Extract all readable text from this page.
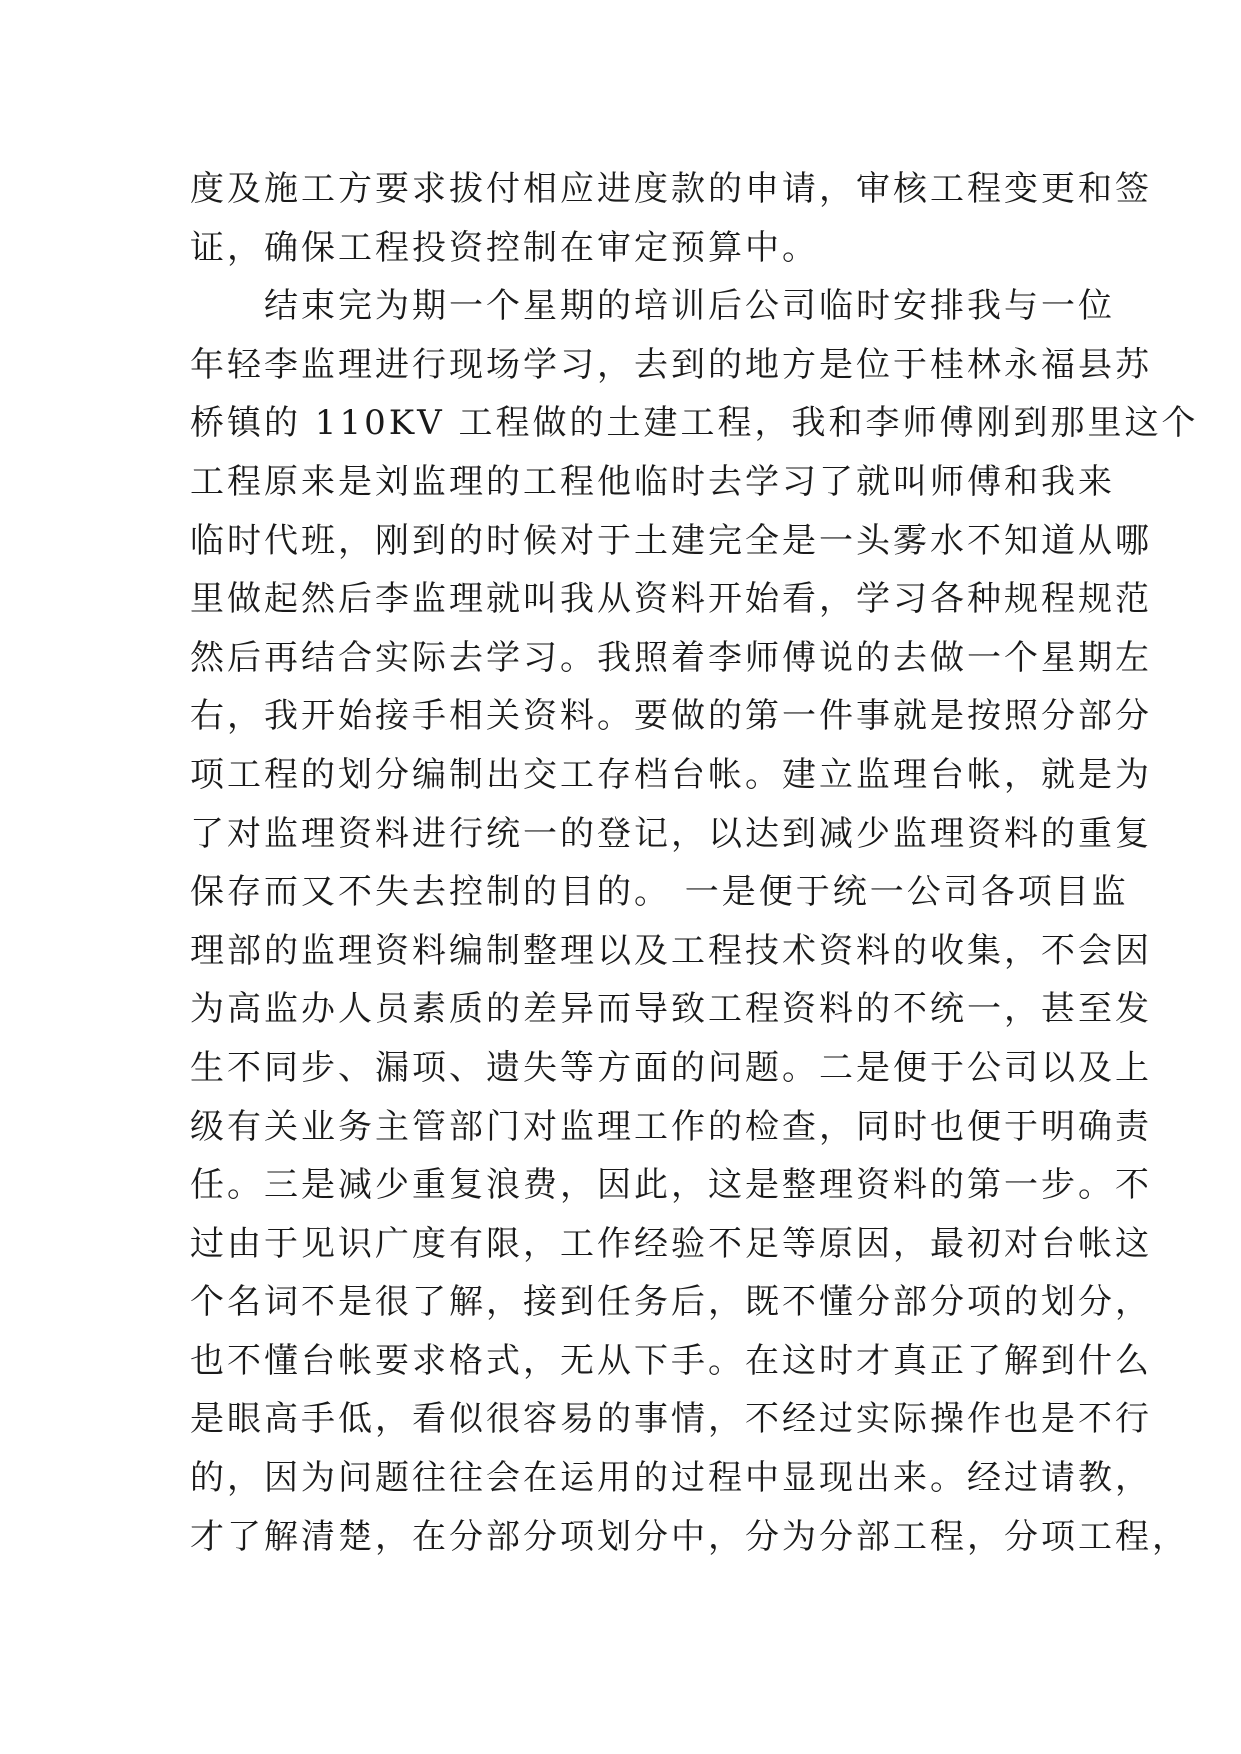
度及施工方要求拔付相应进度款的申请，审核工程变更和签
证，确保工程投资控制在审定预算中。
结束完为期一个星期的培训后公司临时安排我与一位
年轻李监理进行现场学习，去到的地方是位于桂林永福县苏
桥镇的 110KV 工程做的土建工程，我和李师傅刚到那里这个
工程原来是刘监理的工程他临时去学习了就叫师傅和我来
临时代班，刚到的时候对于土建完全是一头雾水不知道从哪
里做起然后李监理就叫我从资料开始看，学习各种规程规范
然后再结合实际去学习。我照着李师傅说的去做一个星期左
右，我开始接手相关资料。要做的第一件事就是按照分部分
项工程的划分编制出交工存档台帐。建立监理台帐，就是为
了对监理资料进行统一的登记，以达到减少监理资料的重复
保存而又不失去控制的目的。 一是便于统一公司各项目监
理部的监理资料编制整理以及工程技术资料的收集，不会因
为高监办人员素质的差异而导致工程资料的不统一，甚至发
生不同步、漏项、遗失等方面的问题。二是便于公司以及上
级有关业务主管部门对监理工作的检查，同时也便于明确责
任。三是减少重复浪费，因此，这是整理资料的第一步。不
过由于见识广度有限，工作经验不足等原因，最初对台帐这
个名词不是很了解，接到任务后，既不懂分部分项的划分，
也不懂台帐要求格式，无从下手。在这时才真正了解到什么
是眼高手低，看似很容易的事情，不经过实际操作也是不行
的，因为问题往往会在运用的过程中显现出来。经过请教，
才了解清楚，在分部分项划分中，分为分部工程，分项工程，
